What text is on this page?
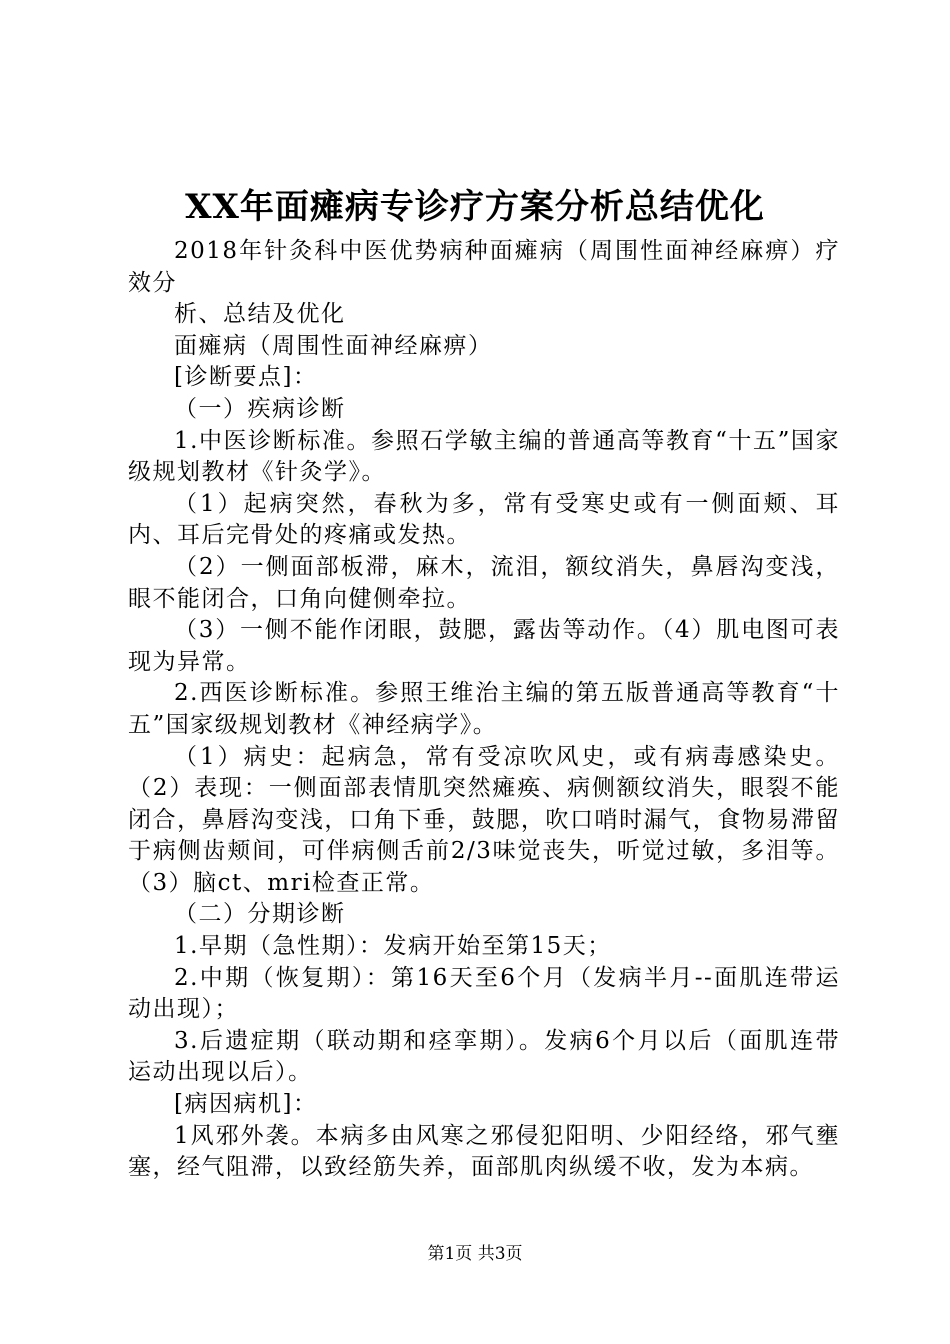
XX年面瘫病专诊疗方案分析总结优化

2018年针灸科中医优势病种面瘫病（周围性面神经麻痹）疗效分

析、总结及优化

面瘫病（周围性面神经麻痹）

[诊断要点]：

（一）疾病诊断

1.中医诊断标准。参照石学敏主编的普通高等教育“十五”国家级规划教材《针灸学》。

（1）起病突然，春秋为多，常有受寒史或有一侧面颊、耳内、耳后完骨处的疼痛或发热。

（2）一侧面部板滞，麻木，流泪，额纹消失，鼻唇沟变浅，眼不能闭合，口角向健侧牵拉。

（3）一侧不能作闭眼，鼓腮，露齿等动作。（4）肌电图可表现为异常。

2.西医诊断标准。参照王维治主编的第五版普通高等教育“十五”国家级规划教材《神经病学》。

（1）病史：起病急，常有受凉吹风史，或有病毒感染史。（2）表现：一侧面部表情肌突然瘫痪、病侧额纹消失，眼裂不能闭合，鼻唇沟变浅，口角下垂，鼓腮，吹口哨时漏气，食物易滞留于病侧齿颊间，可伴病侧舌前2/3味觉丧失，听觉过敏，多泪等。（3）脑ct、mri检查正常。

（二）分期诊断

1.早期（急性期）：发病开始至第15天；

2.中期（恢复期）：第16天至6个月（发病半月--面肌连带运动出现）；

3.后遗症期（联动期和痉挛期）。发病6个月以后（面肌连带运动出现以后）。

[病因病机]：

1风邪外袭。本病多由风寒之邪侵犯阳明、少阳经络，邪气壅塞，经气阻滞，以致经筋失养，面部肌肉纵缓不收，发为本病。

第1页 共3页
